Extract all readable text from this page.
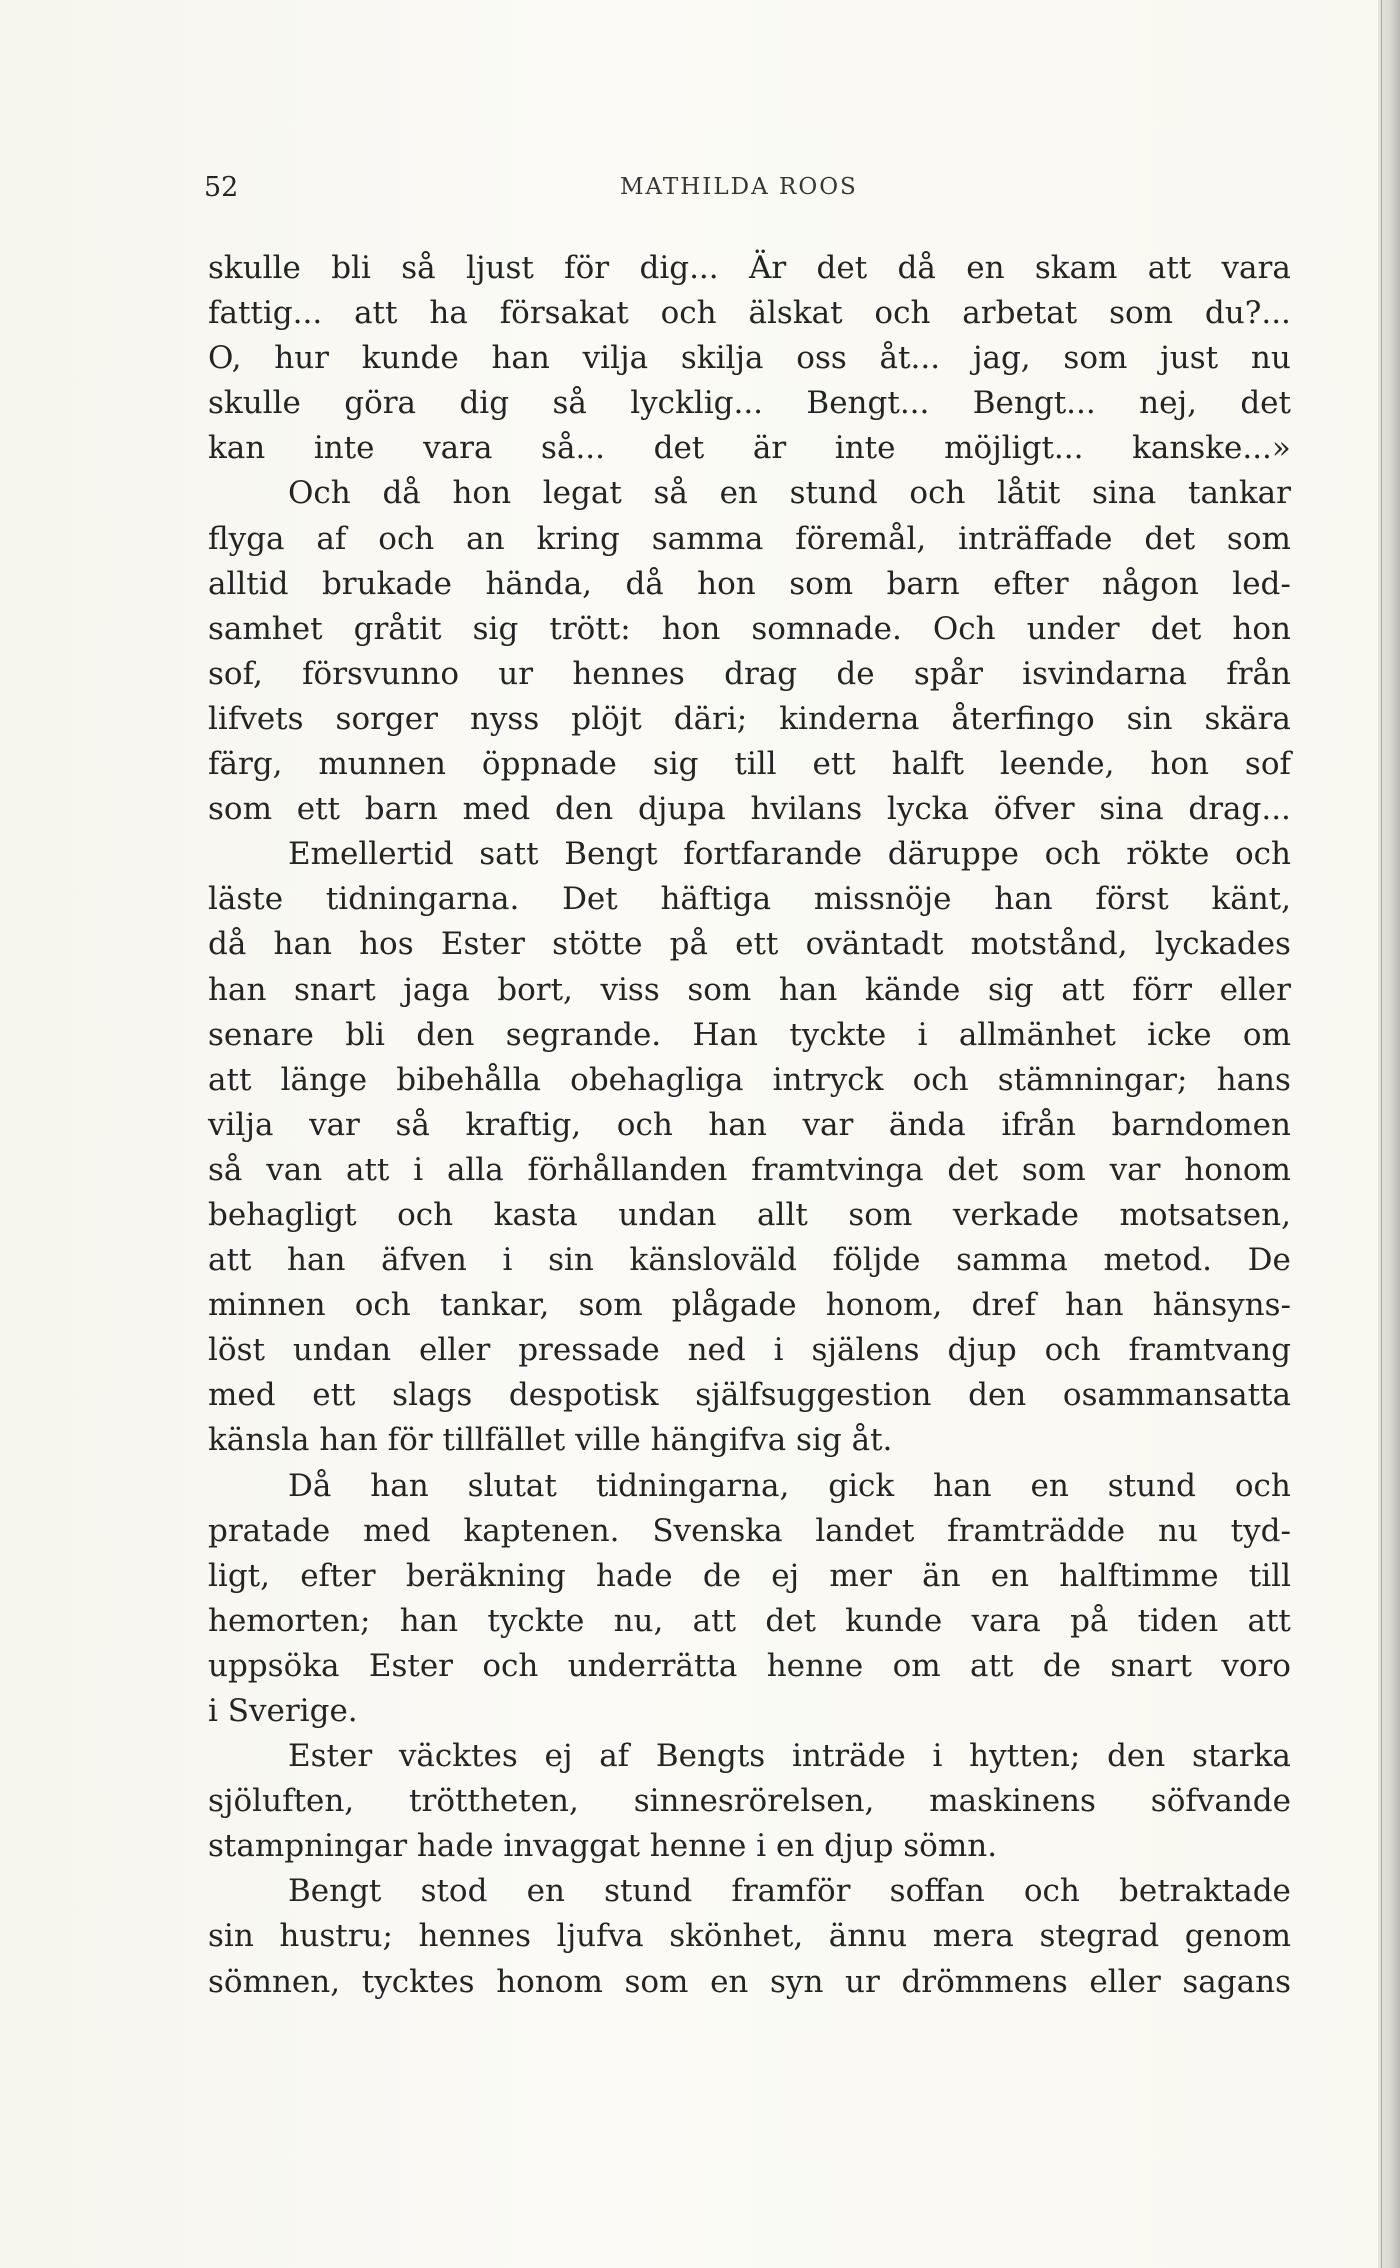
52	MATHILDA ROOS
skulle bli så ljust för dig... Är det då en skam att vara
fattig... att ha försakat och älskat och arbetat som du?...
O, hur kunde han vilja skilja oss åt... jag, som just nu
skulle göra dig så lycklig... Bengt... Bengt... nej, det
kan inte vara så... det är inte möjligt... kanske...»
Och då hon legat så en stund och låtit sina tankar
flyga af och an kring samma föremål, inträffade det som
alltid brukade hända, då hon som barn efter någon led-
samhet gråtit sig trött: hon somnade. Och under det hon
sof, försvunno ur hennes drag de spår isvindarna från
lifvets sorger nyss plöjt däri; kinderna återfingo sin skära
färg, munnen öppnade sig till ett halft leende, hon sof
som ett barn med den djupa hvilans lycka öfver sina drag...
Emellertid satt Bengt fortfarande däruppe och rökte och
läste tidningarna. Det häftiga missnöje han först känt,
då han hos Ester stötte på ett oväntadt motstånd, lyckades
han snart jaga bort, viss som han kände sig att förr eller
senare bli den segrande. Han tyckte i allmänhet icke om
att länge bibehålla obehagliga intryck och stämningar; hans
vilja var så kraftig, och han var ända ifrån barndomen
så van att i alla förhållanden framtvinga det som var honom
behagligt och kasta undan allt som verkade motsatsen,
att han äfven i sin känsloväld följde samma metod. De
minnen och tankar, som plågade honom, dref han hänsyns-
löst undan eller pressade ned i själens djup och framtvang
med ett slags despotisk själfsuggestion den osammansatta
känsla han för tillfället ville hängifva sig åt.
Då han slutat tidningarna, gick han en stund och
pratade med kaptenen. Svenska landet framträdde nu tyd-
ligt, efter beräkning hade de ej mer än en halftimme till
hemorten; han tyckte nu, att det kunde vara på tiden att
uppsöka Ester och underrätta henne om att de snart voro
i Sverige.
Ester väcktes ej af Bengts inträde i hytten; den starka
sjöluften, tröttheten, sinnesrörelsen, maskinens söfvande
stampningar hade invaggat henne i en djup sömn.
Bengt stod en stund framför soffan och betraktade
sin hustru; hennes ljufva skönhet, ännu mera stegrad genom
sömnen, tycktes honom som en syn ur drömmens eller sagans
